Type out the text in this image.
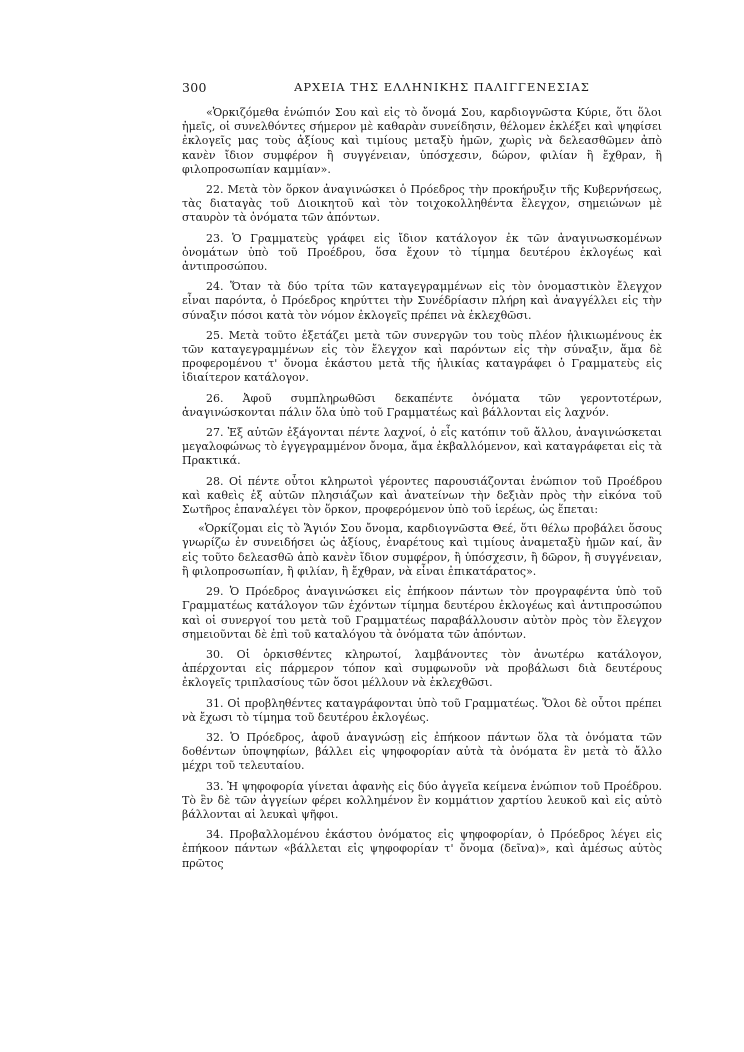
300	ΑΡΧΕΙΑ ΤΗΣ ΕΛΛΗΝΙΚΗΣ ΠΑΛΙΓΓΕΝΕΣΙΑΣ

«Ὁρκιζόμεθα ἐνώπιόν Σου καὶ εἰς τὸ ὄνομά Σου, καρδιογνῶστα Κύριε, ὅτι ὅλοι ἡμεῖς, οἱ συνελθόντες σήμερον μὲ καθαρὰν συνείδησιν, θέλομεν ἐκλέξει καὶ ψηφίσει ἐκλογεῖς μας τοὺς ἀξίους καὶ τιμίους μεταξὺ ἡμῶν, χωρὶς νὰ δελεασθῶμεν ἀπὸ κανὲν ἴδιον συμφέρον ἢ συγγένειαν, ὑπόσχεσιν, δώρον, φιλίαν ἢ ἔχθραν, ἢ φιλοπροσωπίαν καμμίαν».

22. Μετὰ τὸν ὅρκον ἀναγινώσκει ὁ Πρόεδρος τὴν προκήρυξιν τῆς Κυβερνήσεως, τὰς διαταγὰς τοῦ Διοικητοῦ καὶ τὸν τοιχοκολληθέντα ἔλεγχον, σημειώνων μὲ σταυρὸν τὰ ὀνόματα τῶν ἀπόντων.

23. Ὁ Γραμματεὺς γράφει εἰς ἴδιον κατάλογον ἐκ τῶν ἀναγινωσκομένων ὀνομάτων ὑπὸ τοῦ Προέδρου, ὅσα ἔχουν τὸ τίμημα δευτέρου ἐκλογέως καὶ ἀντιπροσώπου.

24. Ὅταν τὰ δύο τρίτα τῶν καταγεγραμμένων εἰς τὸν ὀνομαστικὸν ἔλεγχον εἶναι παρόντα, ὁ Πρόεδρος κηρύττει τὴν Συνέδρίασιν πλήρη καὶ ἀναγγέλλει εἰς τὴν σύναξιν πόσοι κατὰ τὸν νόμον ἐκλογεῖς πρέπει νὰ ἐκλεχθῶσι.

25. Μετὰ τοῦτο ἐξετάζει μετὰ τῶν συνεργῶν του τοὺς πλέον ἡλικιωμένους ἐκ τῶν καταγεγραμμένων εἰς τὸν ἔλεγχον καὶ παρόντων εἰς τὴν σύναξιν, ἅμα δὲ προφερομένου τ' ὄνομα ἑκάστου μετὰ τῆς ἡλικίας καταγράφει ὁ Γραμματεὺς εἰς ἰδιαίτερον κατάλογον.

26. Ἀφοῦ συμπληρωθῶσι δεκαπέντε ὀνόματα τῶν γεροντοτέρων, ἀναγινώσκονται πάλιν ὅλα ὑπὸ τοῦ Γραμματέως καὶ βάλλονται εἰς λαχνόν.

27. Ἐξ αὐτῶν ἐξάγονται πέντε λαχνοί, ὁ εἷς κατόπιν τοῦ ἄλλου, ἀναγινώσκεται μεγαλοφώνως τὸ ἐγγεγραμμένον ὄνομα, ἅμα ἐκβαλλόμενον, καὶ καταγράφεται εἰς τὰ Πρακτικά.

28. Οἱ πέντε οὗτοι κληρωτοὶ γέροντες παρουσιάζονται ἐνώπιον τοῦ Προέδρου καὶ καθεὶς ἐξ αὐτῶν πλησιάζων καὶ ἀνατείνων τὴν δεξιὰν πρὸς τὴν εἰκόνα τοῦ Σωτῆρος ἐπαναλέγει τὸν ὅρκον, προφερόμενον ὑπὸ τοῦ ἱερέως, ὡς ἕπεται:

«Ὁρκίζομαι εἰς τὸ Ἅγιόν Σου ὄνομα, καρδιογνῶστα Θεέ, ὅτι θέλω προβάλει ὅσους γνωρίζω ἐν συνειδήσει ὡς ἀξίους, ἐναρέτους καὶ τιμίους ἀναμεταξὺ ἡμῶν καί, ἂν εἰς τοῦτο δελεασθῶ ἀπὸ κανὲν ἴδιον συμφέρον, ἢ ὑπόσχεσιν, ἢ δῶρον, ἢ συγγένειαν, ἢ φιλοπροσωπίαν, ἢ φιλίαν, ἢ ἔχθραν, νὰ εἶναι ἐπικατάρατος».

29. Ὁ Πρόεδρος ἀναγινώσκει εἰς ἐπήκοον πάντων τὸν προγραφέντα ὑπὸ τοῦ Γραμματέως κατάλογον τῶν ἐχόντων τίμημα δευτέρου ἐκλογέως καὶ ἀντιπροσώπου καὶ οἱ συνεργοί του μετὰ τοῦ Γραμματέως παραβάλλουσιν αὐτὸν πρὸς τὸν ἔλεγχον σημειοῦνται δὲ ἐπὶ τοῦ καταλόγου τὰ ὀνόματα τῶν ἀπόντων.

30. Οἱ ὁρκισθέντες κληρωτοί, λαμβάνοντες τὸν ἀνωτέρω κατάλογον, ἀπέρχονται εἰς πάρμερον τόπον καὶ συμφωνοῦν νὰ προβάλωσι διὰ δευτέρους ἐκλογεῖς τριπλασίους τῶν ὅσοι μέλλουν νὰ ἐκλεχθῶσι.

31. Οἱ προβληθέντες καταγράφονται ὑπὸ τοῦ Γραμματέως. Ὅλοι δὲ οὗτοι πρέπει νὰ ἔχωσι τὸ τίμημα τοῦ δευτέρου ἐκλογέως.

32. Ὁ Πρόεδρος, ἀφοῦ ἀναγνώσῃ εἰς ἐπήκοον πάντων ὅλα τὰ ὀνόματα τῶν δοθέντων ὑποψηφίων, βάλλει εἰς ψηφοφορίαν αὐτὰ τὰ ὀνόματα ἓν μετὰ τὸ ἄλλο μέχρι τοῦ τελευταίου.

33. Ἡ ψηφοφορία γίνεται ἀφανὴς εἰς δύο ἀγγεῖα κείμενα ἐνώπιον τοῦ Προέδρου. Τὸ ἓν δὲ τῶν ἀγγείων φέρει κολλημένον ἓν κομμάτιον χαρτίου λευκοῦ καὶ εἰς αὐτὸ βάλλονται αἱ λευκαὶ ψῆφοι.

34. Προβαλλομένου ἑκάστου ὀνόματος εἰς ψηφοφορίαν, ὁ Πρόεδρος λέγει εἰς ἐπήκοον πάντων «βάλλεται εἰς ψηφοφορίαν τ' ὄνομα (δεῖνα)», καὶ ἀμέσως αὐτὸς πρῶτος
